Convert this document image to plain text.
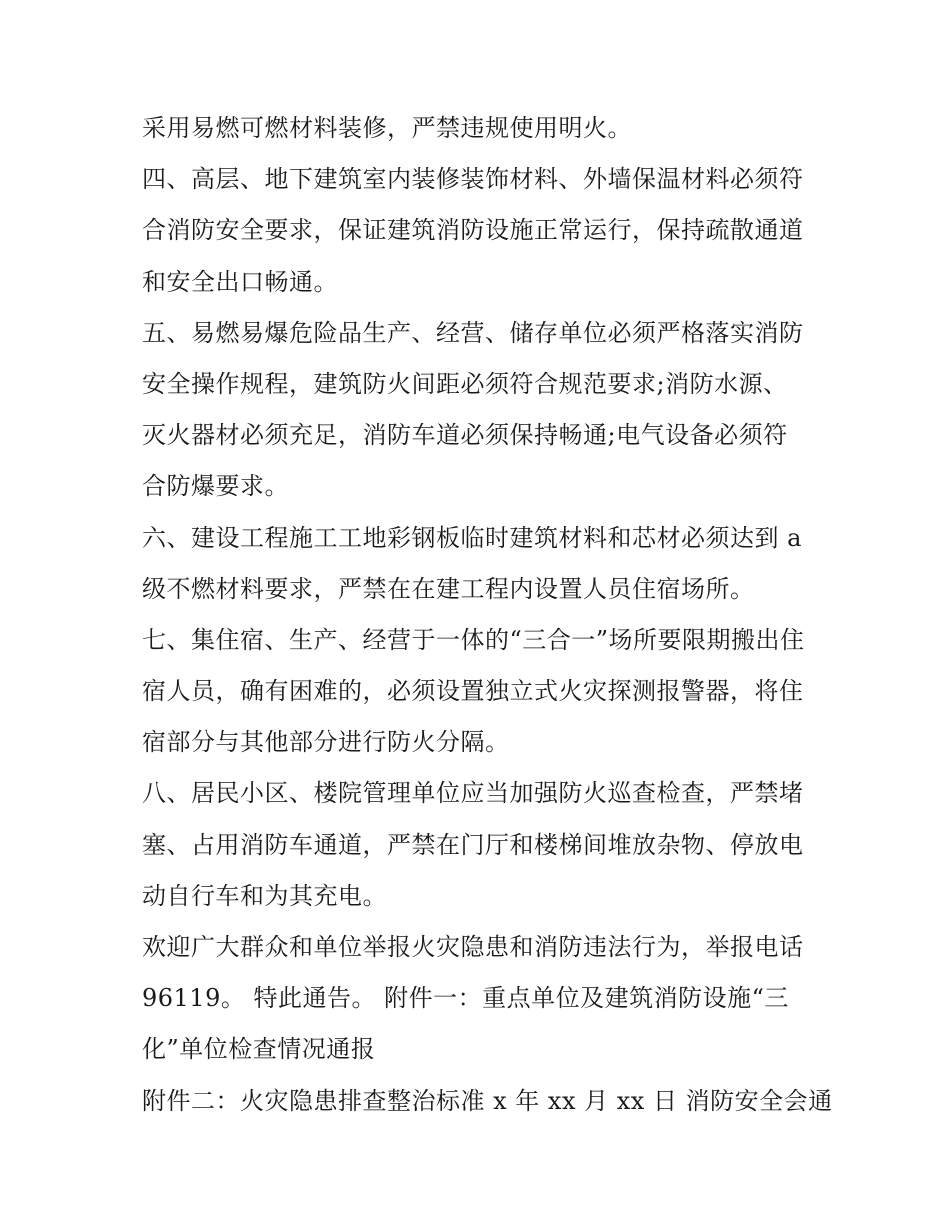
采用易燃可燃材料装修，严禁违规使用明火。
四、高层、地下建筑室内装修装饰材料、外墙保温材料必须符
合消防安全要求，保证建筑消防设施正常运行，保持疏散通道
和安全出口畅通。
五、易燃易爆危险品生产、经营、储存单位必须严格落实消防
安全操作规程，建筑防火间距必须符合规范要求;消防水源、
灭火器材必须充足，消防车道必须保持畅通;电气设备必须符
合防爆要求。
六、建设工程施工工地彩钢板临时建筑材料和芯材必须达到 a
级不燃材料要求，严禁在在建工程内设置人员住宿场所。
七、集住宿、生产、经营于一体的“三合一”场所要限期搬出住
宿人员，确有困难的，必须设置独立式火灾探测报警器，将住
宿部分与其他部分进行防火分隔。
八、居民小区、楼院管理单位应当加强防火巡查检查，严禁堵
塞、占用消防车通道，严禁在门厅和楼梯间堆放杂物、停放电
动自行车和为其充电。
欢迎广大群众和单位举报火灾隐患和消防违法行为，举报电话
96119。 特此通告。 附件一：重点单位及建筑消防设施“三
化”单位检查情况通报
附件二：火灾隐患排查整治标准 x 年 xx 月 xx 日 消防安全会通
